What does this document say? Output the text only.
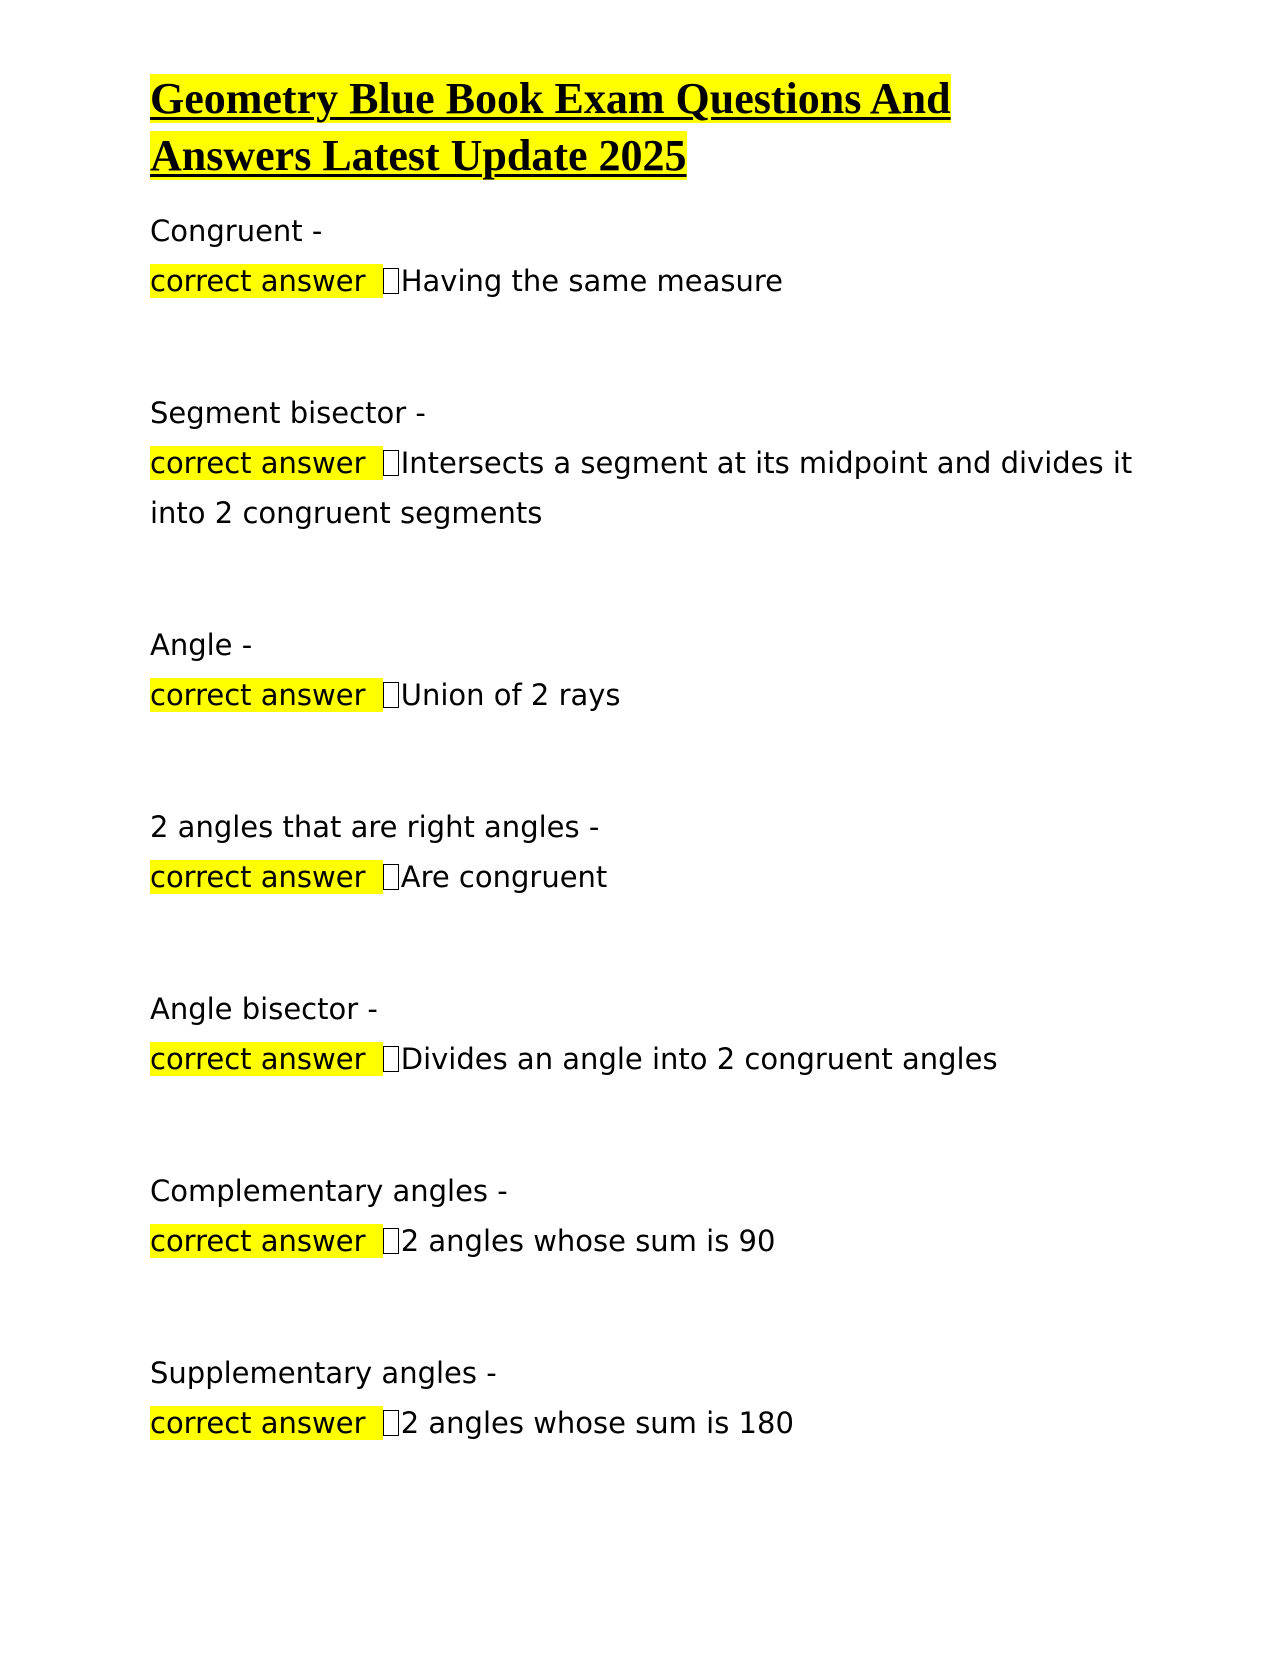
Geometry Blue Book Exam Questions And
Answers Latest Update 2025
Congruent -
correct answer Having the same measure
Segment bisector -
correct answer Intersects a segment at its midpoint and divides it into 2 congruent segments
Angle -
correct answer Union of 2 rays
2 angles that are right angles -
correct answer Are congruent
Angle bisector -
correct answer Divides an angle into 2 congruent angles
Complementary angles -
correct answer 2 angles whose sum is 90
Supplementary angles -
correct answer 2 angles whose sum is 180
